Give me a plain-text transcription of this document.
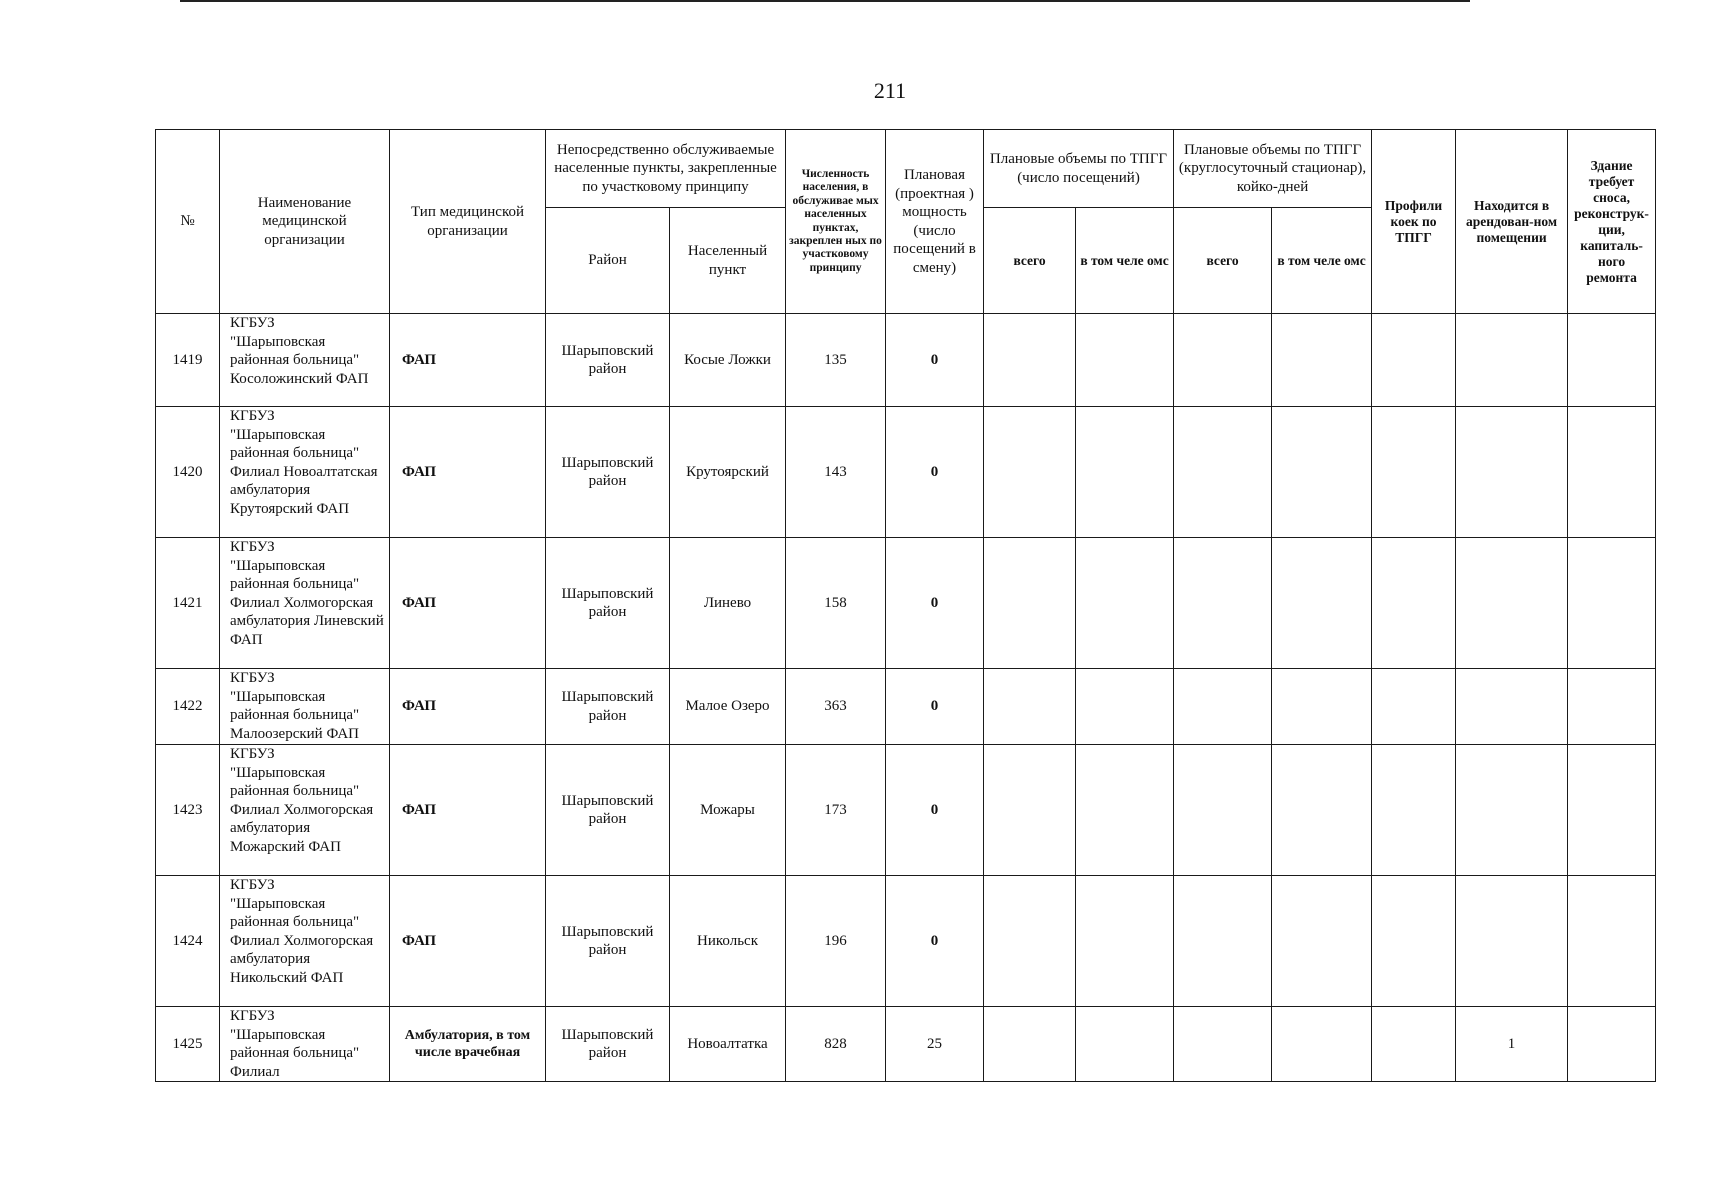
211
№	Наименование медицинской организации	Тип медицинской организации	Непосредственно обслуживаемые населенные пункты, закрепленные по участковому принципу		Численность населения, в обслуживае мых населенных пунктах, закреплен ных по участковому принципу	Плановая (проектная ) мощность (число посещений в смену)	Плановые объемы по ТПГГ (число посещений)		Плановые объемы по ТПГГ (круглосуточный стационар), койко-дней		Профили коек по ТПГГ	Находится в арендован-ном помещении	Здание требует сноса, реконструк-ции, капиталь-ного ремонта
			Район	Населенный пункт			всего	в том челе омс	всего	в том челе омс			
1419	КГБУЗ
"Шарыповская районная больница"
Косоложинский ФАП	ФАП	Шарыповский район	Косые Ложки	135	0							
1420	КГБУЗ
"Шарыповская районная больница"
Филиал Новоалтатская амбулатория Крутоярский ФАП	ФАП	Шарыповский район	Крутоярский	143	0							
1421	КГБУЗ
"Шарыповская районная больница"
Филиал Холмогорская амбулатория Линевский ФАП	ФАП	Шарыповский район	Линево	158	0							
1422	КГБУЗ
"Шарыповская районная больница"
Малоозерский ФАП	ФАП	Шарыповский район	Малое Озеро	363	0							
1423	КГБУЗ
"Шарыповская районная больница"
Филиал Холмогорская амбулатория Можарский ФАП	ФАП	Шарыповский район	Можары	173	0							
1424	КГБУЗ
"Шарыповская районная больница"
Филиал Холмогорская амбулатория Никольский ФАП	ФАП	Шарыповский район	Никольск	196	0							
1425	КГБУЗ
"Шарыповская районная больница"
Филиал	Амбулатория, в том числе врачебная	Шарыповский район	Новоалтатка	828	25						1	
